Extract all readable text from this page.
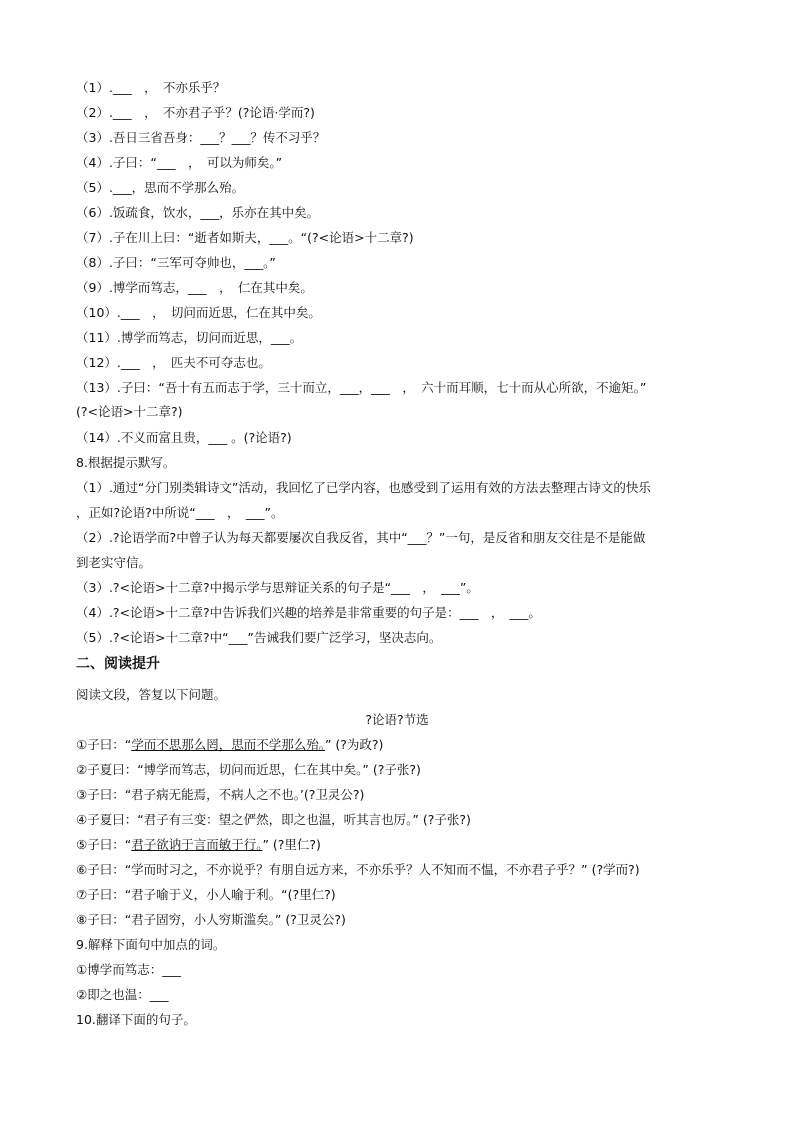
（1）.___　，　不亦乐乎？
（2）.___　，　不亦君子乎？(?论语·学而?)
（3）.吾日三省吾身：___？___？传不习乎？
（4）.子曰：“___　，　可以为师矣。”
（5）.___，思而不学那么殆。
（6）.饭疏食，饮水，___，乐亦在其中矣。
（7）.子在川上曰：“逝者如斯夫，___。“(?<论语>十二章?)
（8）.子曰：“三军可夺帅也，___。”
（9）.博学而笃志，___　，　仁在其中矣。
（10）.___　，　切问而近思，仁在其中矣。
（11）.博学而笃志，切问而近思，___。
（12）.___　，　匹夫不可夺志也。
（13）.子曰：“吾十有五而志于学，三十而立，___，___　，　六十而耳顺，七十而从心所欲，不逾矩。”
(?<论语>十二章?)
（14）.不义而富且贵，___ 。(?论语?)
8.根据提示默写。
（1）.通过“分门别类辑诗文”活动，我回忆了已学内容，也感受到了运用有效的方法去整理古诗文的快乐
，正如?论语?中所说“___　，　___”。
（2）.?论语学而?中曾子认为每天都要屡次自我反省，其中“___？”一句，是反省和朋友交往是不是能做
到老实守信。
（3）.?<论语>十二章?中揭示学与思辩证关系的句子是“___　，　___”。
（4）.?<论语>十二章?中告诉我们兴趣的培养是非常重要的句子是：___　，　___。
（5）.?<论语>十二章?中“___”告诫我们要广泛学习，坚决志向。
二、阅读提升
阅读文段，答复以下问题。
?论语?节选
①子曰：“学而不思那么罔，思而不学那么殆。” (?为政?)
②子夏曰：“博学而笃志，切问而近思，仁在其中矣。” (?子张?)
③子曰：“君子病无能焉，不病人之不也。’(?卫灵公?)
④子夏曰：“君子有三变：望之俨然，即之也温，听其言也厉。” (?子张?)
⑤子曰：“君子欲讷于言而敏于行。” (?里仁?)
⑥子曰：“学而时习之，不亦说乎？有朋自远方来，不亦乐乎？人不知而不愠，不亦君子乎？” (?学而?)
⑦子曰：“君子喻于义，小人喻于利。“(?里仁?)
⑧子曰：“君子固穷，小人穷斯滥矣。” (?卫灵公?)
9.解释下面句中加点的词。
①博学而笃志：___
②即之也温：___
10.翻译下面的句子。
